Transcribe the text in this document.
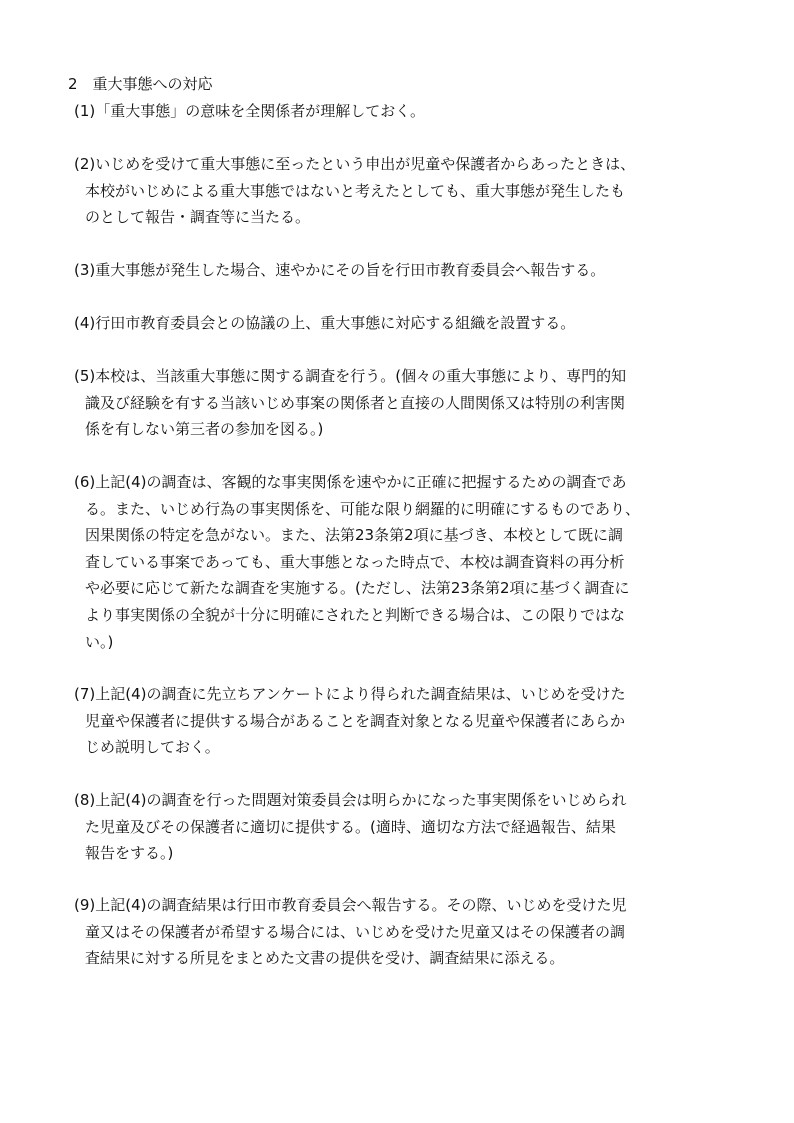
2　重大事態への対応
(1)「重大事態」の意味を全関係者が理解しておく。
(2)いじめを受けて重大事態に至ったという申出が児童や保護者からあったときは、
本校がいじめによる重大事態ではないと考えたとしても、重大事態が発生したも
のとして報告・調査等に当たる。
(3)重大事態が発生した場合、速やかにその旨を行田市教育委員会へ報告する。
(4)行田市教育委員会との協議の上、重大事態に対応する組織を設置する。
(5)本校は、当該重大事態に関する調査を行う。(個々の重大事態により、専門的知
識及び経験を有する当該いじめ事案の関係者と直接の人間関係又は特別の利害関
係を有しない第三者の参加を図る。)
(6)上記(4)の調査は、客観的な事実関係を速やかに正確に把握するための調査であ
る。また、いじめ行為の事実関係を、可能な限り網羅的に明確にするものであり、
因果関係の特定を急がない。また、法第23条第2項に基づき、本校として既に調
査している事案であっても、重大事態となった時点で、本校は調査資料の再分析
や必要に応じて新たな調査を実施する。(ただし、法第23条第2項に基づく調査に
より事実関係の全貌が十分に明確にされたと判断できる場合は、この限りではな
い。)
(7)上記(4)の調査に先立ちアンケートにより得られた調査結果は、いじめを受けた
児童や保護者に提供する場合があることを調査対象となる児童や保護者にあらか
じめ説明しておく。
(8)上記(4)の調査を行った問題対策委員会は明らかになった事実関係をいじめられ
た児童及びその保護者に適切に提供する。(適時、適切な方法で経過報告、結果
報告をする。)
(9)上記(4)の調査結果は行田市教育委員会へ報告する。その際、いじめを受けた児
童又はその保護者が希望する場合には、いじめを受けた児童又はその保護者の調
査結果に対する所見をまとめた文書の提供を受け、調査結果に添える。
